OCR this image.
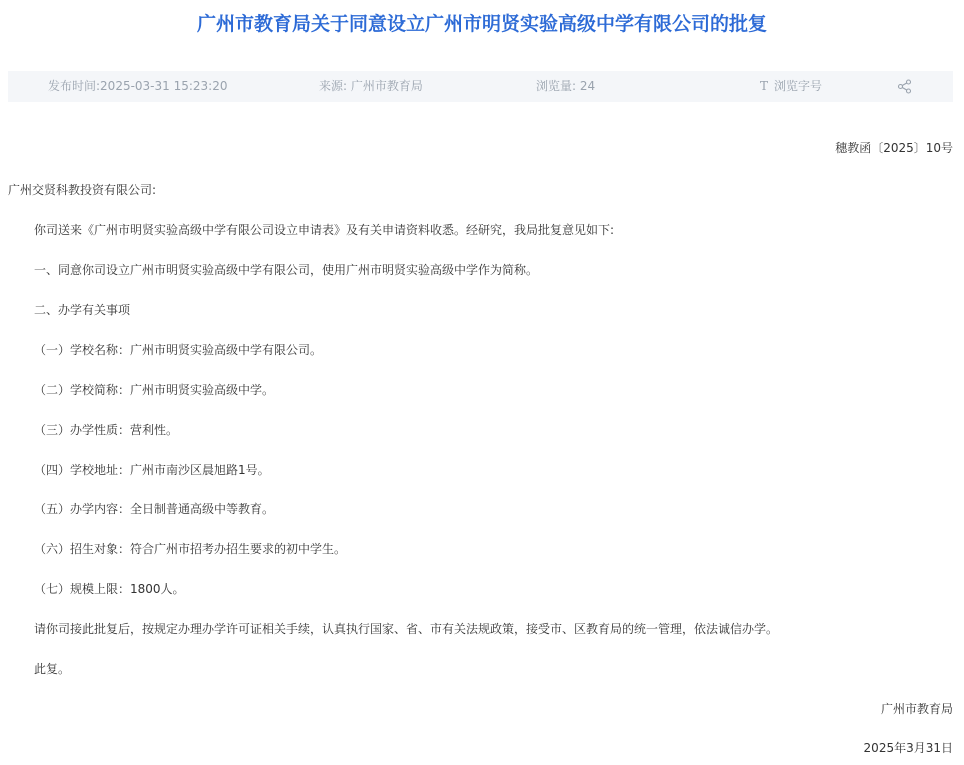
广州市教育局关于同意设立广州市明贤实验高级中学有限公司的批复
发布时间:2025-03-31 15:23:20	来源: 广州市教育局	浏览量: 24	T 浏览字号
穗教函〔2025〕10号
广州交贤科教投资有限公司:
你司送来《广州市明贤实验高级中学有限公司设立申请表》及有关申请资料收悉。经研究，我局批复意见如下:
一、同意你司设立广州市明贤实验高级中学有限公司，使用广州市明贤实验高级中学作为简称。
二、办学有关事项
（一）学校名称：广州市明贤实验高级中学有限公司。
（二）学校简称：广州市明贤实验高级中学。
（三）办学性质：营利性。
（四）学校地址：广州市南沙区晨旭路1号。
（五）办学内容：全日制普通高级中等教育。
（六）招生对象：符合广州市招考办招生要求的初中学生。
（七）规模上限：1800人。
请你司接此批复后，按规定办理办学许可证相关手续，认真执行国家、省、市有关法规政策，接受市、区教育局的统一管理，依法诚信办学。
此复。
广州市教育局
2025年3月31日
